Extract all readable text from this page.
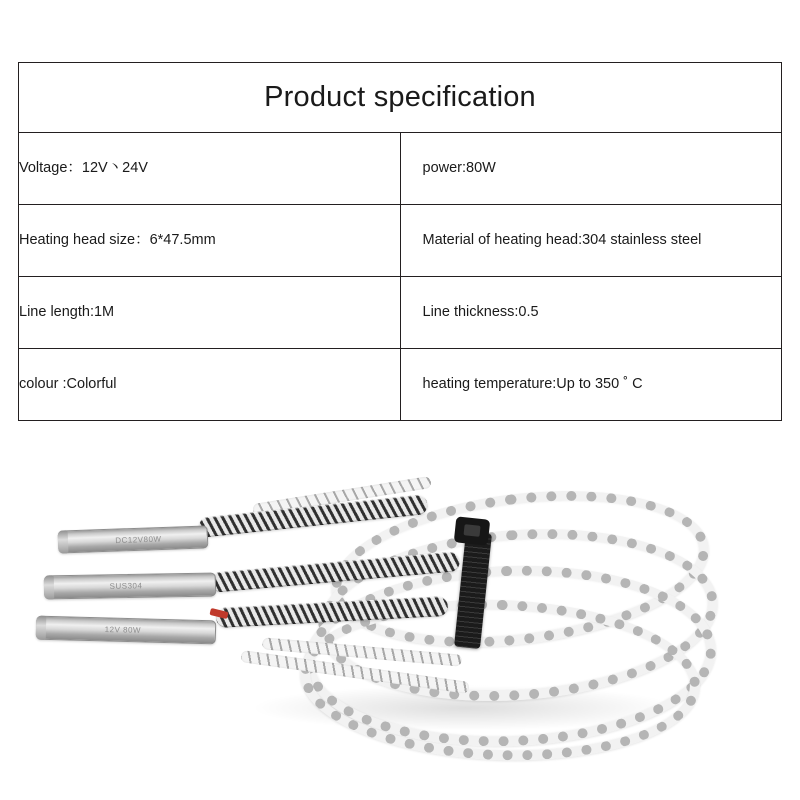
Product specification	
Voltage：12V丶24V	power:80W
Heating head size：6*47.5mm	Material of heating head:304 stainless steel
Line length:1M	Line thickness:0.5
colour :Colorful	heating temperature:Up to 350 ˚ C
DC12V80W
SUS304
12V 80W
